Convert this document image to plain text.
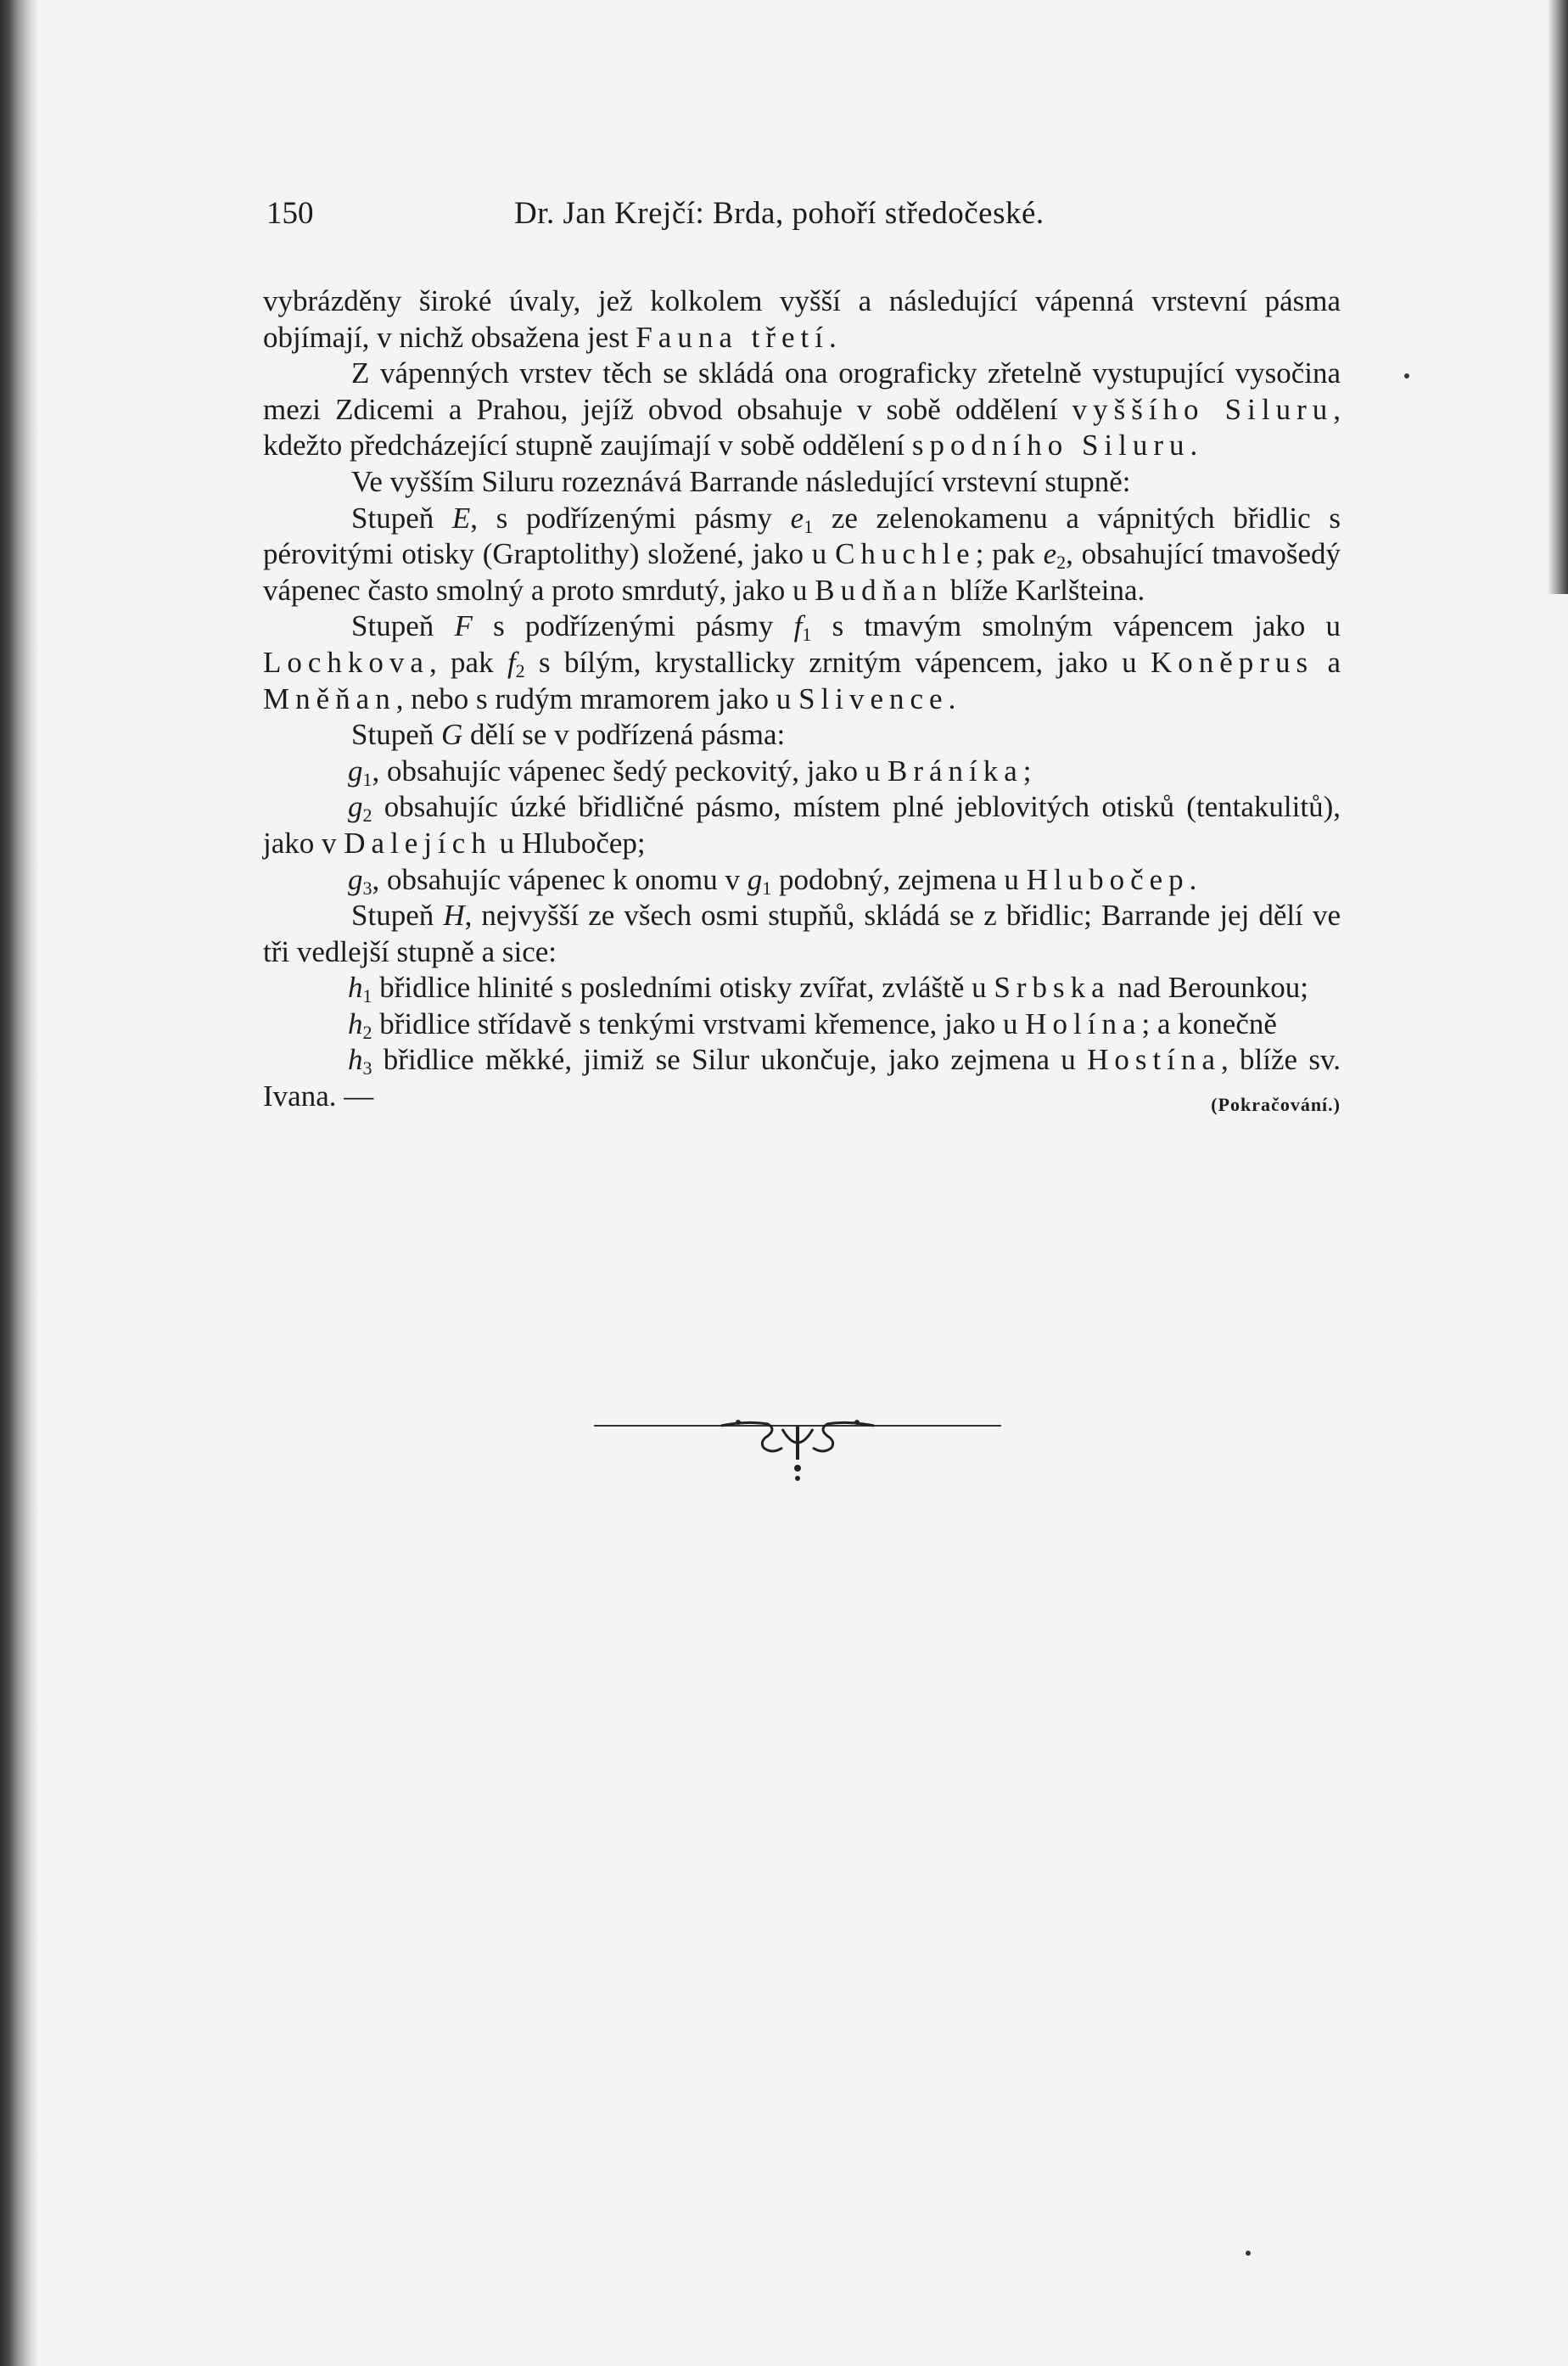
150	Dr. Jan Krejčí: Brda, pohoří středočeské.

vybrázděny široké úvaly, jež kolkolem vyšší a následující vápenná vrstevní pásma objímají, v nichž obsažena jest Fauna třetí.

Z vápenných vrstev těch se skládá ona orograficky zřetelně vystupující vysočina mezi Zdicemi a Prahou, jejíž obvod obsahuje v sobě oddělení vyššího Siluru, kdežto předcházející stupně zaujímají v sobě oddělení spodního Siluru.

Ve vyšším Siluru rozeznává Barrande následující vrstevní stupně:

Stupeň E, s podřízenými pásmy $e_1$ ze zelenokamenu a vápnitých břidlic s pérovitými otisky (Graptolithy) složené, jako u Chuchle; pak $e_2$, obsahující tmavošedý vápenec často smolný a proto smrdutý, jako u Budňan blíže Karlšteina.

Stupeň F s podřízenými pásmy $f_1$ s tmavým smolným vápencem jako u Lochkova, pak $f_2$ s bílým, krystallicky zrnitým vápencem, jako u Koněprus a Mněňan, nebo s rudým mramorem jako u Slivence.

Stupeň G dělí se v podřízená pásma:

$g_1$, obsahujíc vápenec šedý peckovitý, jako u Bráníka;

$g_2$ obsahujíc úzké břidličné pásmo, místem plné jeblovitých otisků (tentakulitů), jako v Dalejích u Hlubočep;

$g_3$, obsahujíc vápenec k onomu v $g_1$ podobný, zejmena u Hlubočep.

Stupeň H, nejvyšší ze všech osmi stupňů, skládá se z břidlic; Barrande jej dělí ve tři vedlejší stupně a sice:

$h_1$ břidlice hlinité s posledními otisky zvířat, zvláště u Srbska nad Berounkou;

$h_2$ břidlice střídavě s tenkými vrstvami křemence, jako u Holína; a konečně

$h_3$ břidlice měkké, jimiž se Silur ukončuje, jako zejmena u Hostína, blíže sv. Ivana. —	(Pokračování.)
